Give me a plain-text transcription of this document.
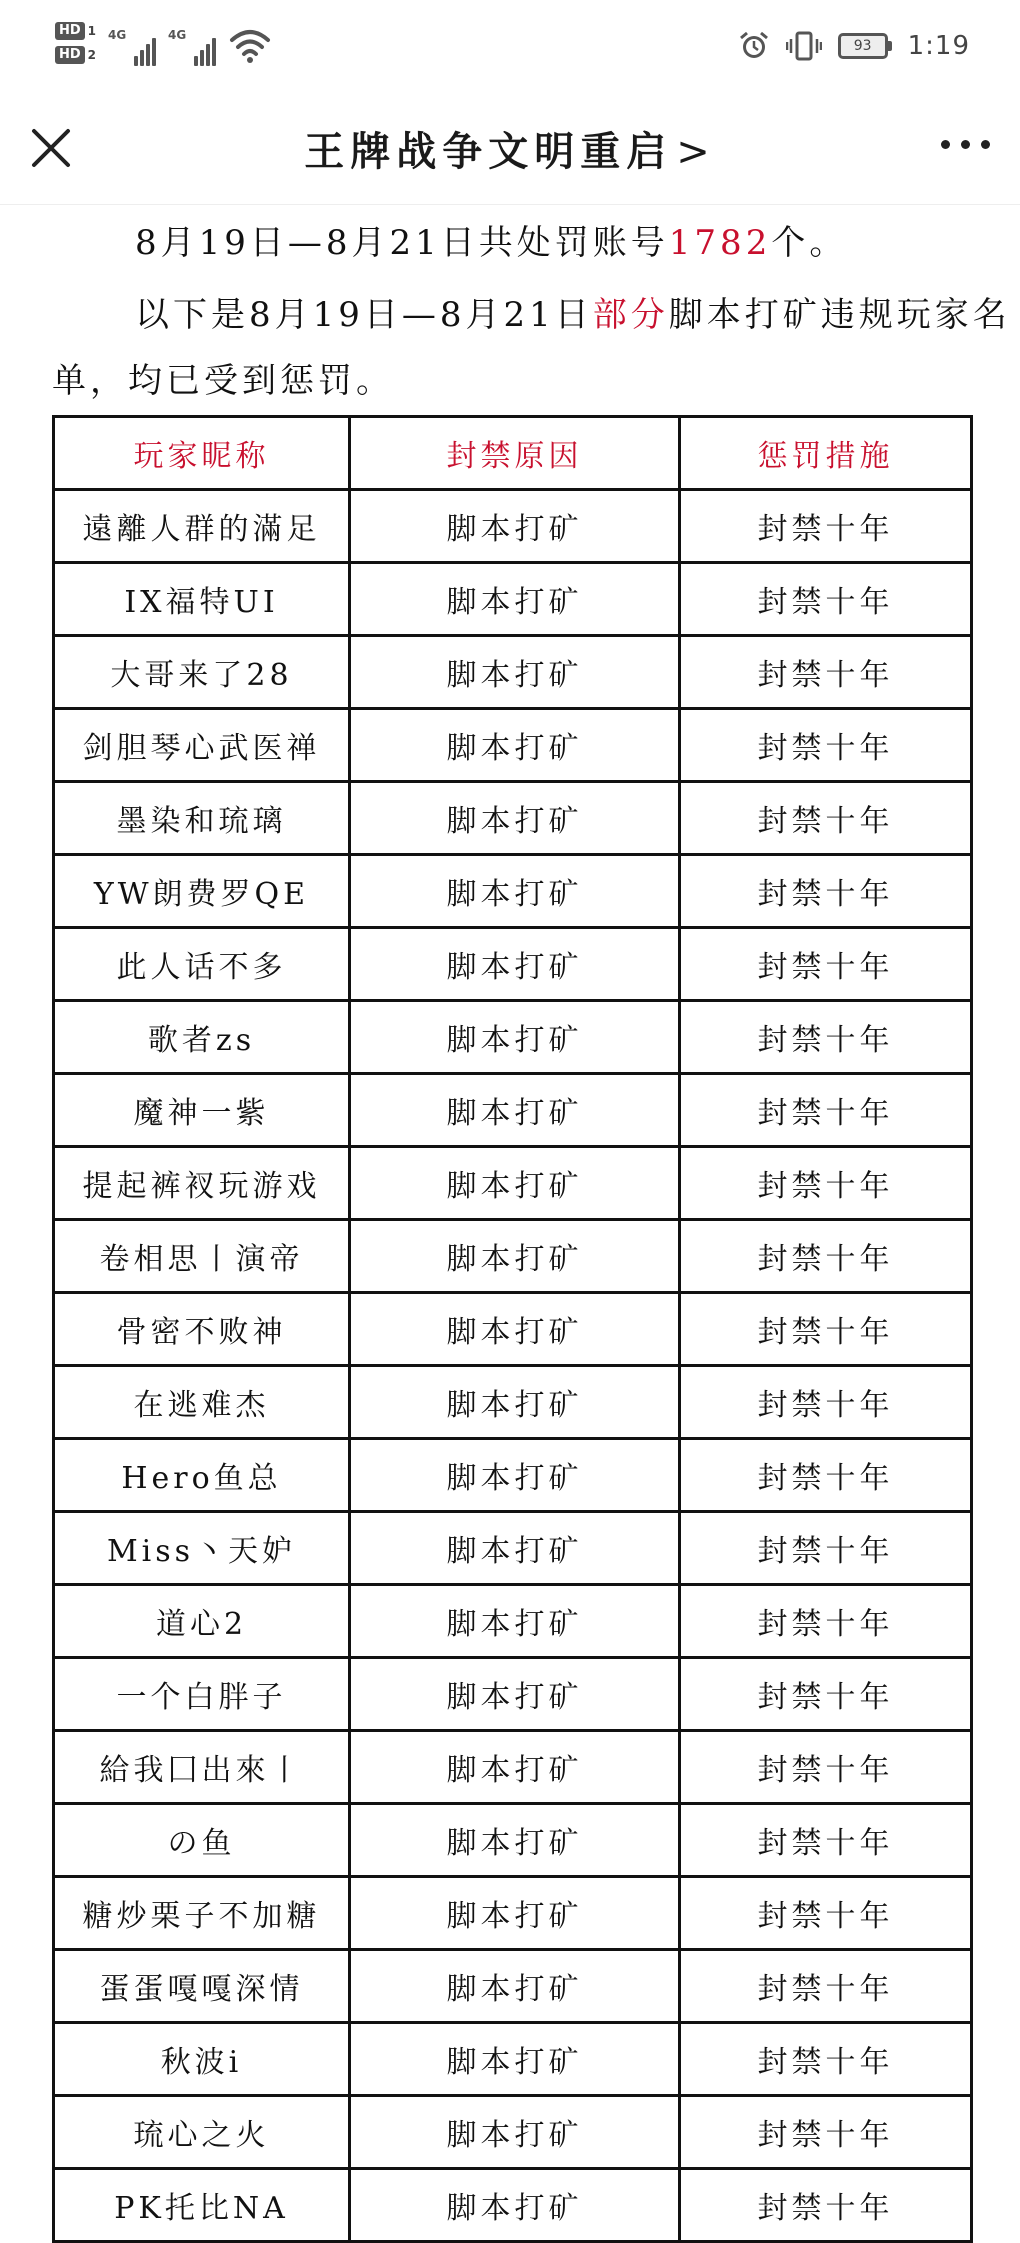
HD 1
HD 2
4G	4G
93	1:19
王牌战争文明重启 >
8月19日—8月21日共处罚账号1782个。
以下是8月19日—8月21日部分脚本打矿违规玩家名
单，均已受到惩罚。
玩家昵称	封禁原因	惩罚措施
遠離人群的滿足	脚本打矿	封禁十年
IX福特UI	脚本打矿	封禁十年
大哥来了28	脚本打矿	封禁十年
剑胆琴心武医禅	脚本打矿	封禁十年
墨染和琉璃	脚本打矿	封禁十年
YW朗费罗QE	脚本打矿	封禁十年
此人话不多	脚本打矿	封禁十年
歌者zs	脚本打矿	封禁十年
魔神一紫	脚本打矿	封禁十年
提起裤衩玩游戏	脚本打矿	封禁十年
卷相思丨演帝	脚本打矿	封禁十年
骨密不败神	脚本打矿	封禁十年
在逃难杰	脚本打矿	封禁十年
Hero鱼总	脚本打矿	封禁十年
Miss丶天妒	脚本打矿	封禁十年
道心2	脚本打矿	封禁十年
一个白胖子	脚本打矿	封禁十年
給我囗出來丨	脚本打矿	封禁十年
の鱼	脚本打矿	封禁十年
糖炒栗子不加糖	脚本打矿	封禁十年
蛋蛋嘎嘎深情	脚本打矿	封禁十年
秋波i	脚本打矿	封禁十年
琉心之火	脚本打矿	封禁十年
PK托比NA	脚本打矿	封禁十年
